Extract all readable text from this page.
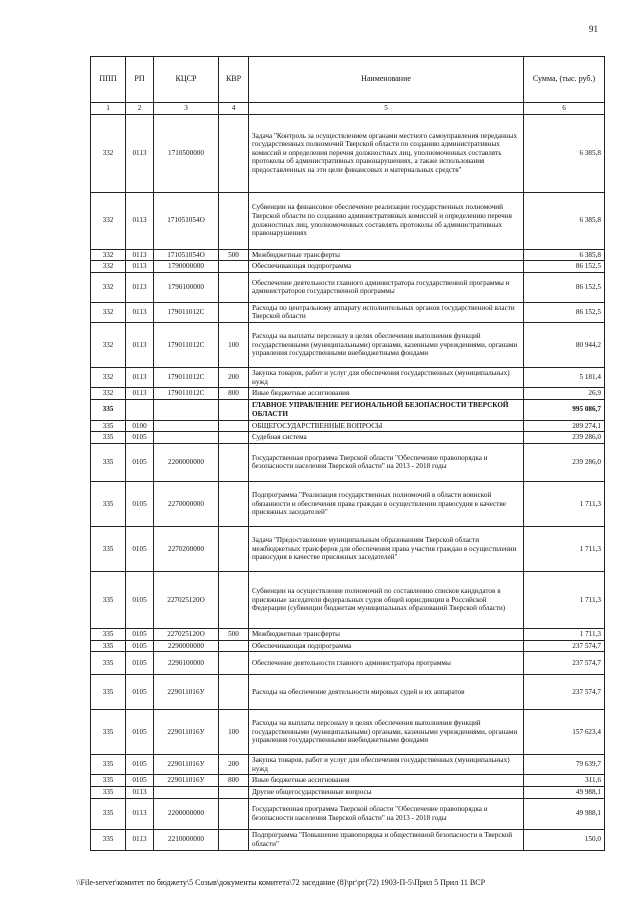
91
ППП	РП	КЦСР	КВР	Наименование	Сумма, (тыс. руб.)
1	2	3	4	5	6
332	0113	1710500000		Задача "Контроль за осуществлением органами местного самоуправления переданных государственных полномочий Тверской области по созданию административных комиссий и определения перечня должностных лиц, уполномоченных составлять протоколы об административных правонарушениях, а также использования предоставленных на эти цели финансовых и материальных средств"	6 385,8
332	0113	171051054О		Субвенции на финансовое обеспечение реализации государственных полномочий Тверской области по созданию административных комиссий и определению перечня должностных лиц, уполномоченных составлять протоколы об административных правонарушениях	6 385,8
332	0113	171051054О	500	Межбюджетные трансферты	6 385,8
332	0113	1790000000		Обеспечивающая подпрограмма	86 152,5
332	0113	1790100000		Обеспечение деятельности главного администратора государственной программы и администраторов государственной программы	86 152,5
332	0113	179011012С		Расходы по центральному аппарату исполнительных органов государственной власти Тверской области	86 152,5
332	0113	179011012С	100	Расходы на выплаты персоналу в целях обеспечения выполнения функций государственными (муниципальными) органами, казенными учреждениями, органами управления государственными внебюджетными фондами	80 944,2
332	0113	179011012С	200	Закупка товаров, работ и услуг для обеспечения государственных (муниципальных) нужд	5 181,4
332	0113	179011012С	800	Иные бюджетные ассигнования	26,9
335				ГЛАВНОЕ УПРАВЛЕНИЕ РЕГИОНАЛЬНОЙ БЕЗОПАСНОСТИ ТВЕРСКОЙ ОБЛАСТИ	995 086,7
335	0100			ОБЩЕГОСУДАРСТВЕННЫЕ ВОПРОСЫ	289 274,1
335	0105			Судебная система	239 286,0
335	0105	2200000000		Государственная программа Тверской области "Обеспечение правопорядка и безопасности населения Тверской области" на 2013 - 2018 годы	239 286,0
335	0105	2270000000		Подпрограмма "Реализация государственных полномочий в области воинской обязанности и обеспечения права граждан в осуществлении правосудия в качестве присяжных заседателей"	1 711,3
335	0105	2270200000		Задача "Предоставление муниципальным образованиям Тверской области межбюджетных трансферов для обеспечения права участия граждан в осуществлении правосудия в качестве присяжных заседателей"	1 711,3
335	0105	227025120О		Субвенции на осуществление полномочий по составлению списков кандидатов в присяжные заседатели федеральных судов общей юрисдикции в Российской Федерации (субвенции бюджетам муниципальных образований Тверской области)	1 711,3
335	0105	227025120О	500	Межбюджетные трансферты	1 711,3
335	0105	2290000000		Обеспечивающая подпрограмма	237 574,7
335	0105	2290100000		Обеспечение деятельности главного администратора программы	237 574,7
335	0105	229011016У		Расходы на обеспечение деятельности мировых судей и их аппаратов	237 574,7
335	0105	229011016У	100	Расходы на выплаты персоналу в целях обеспечения выполнения функций государственными (муниципальными) органами, казенными учреждениями, органами управления государственными внебюджетными фондами	157 623,4
335	0105	229011016У	200	Закупка товаров, работ и услуг для обеспечения государственных (муниципальных) нужд	79 639,7
335	0105	229011016У	800	Иные бюджетные ассигнования	311,6
335	0113			Другие общегосударственные вопросы	49 988,1
335	0113	2200000000		Государственная программа Тверской области "Обеспечение правопорядка и безопасности населения Тверской области" на 2013 - 2018 годы	49 988,1
335	0113	2210000000		Подпрограмма "Повышение правопорядка и общественной безопасности в Тверской области"	150,0
\\File-server\комитет по бюджету\5 Созыв\документы комитета\72 заседание (8)\рг\рг(72) 1903-П-5\Прил 5 Прил 11 ВСР
